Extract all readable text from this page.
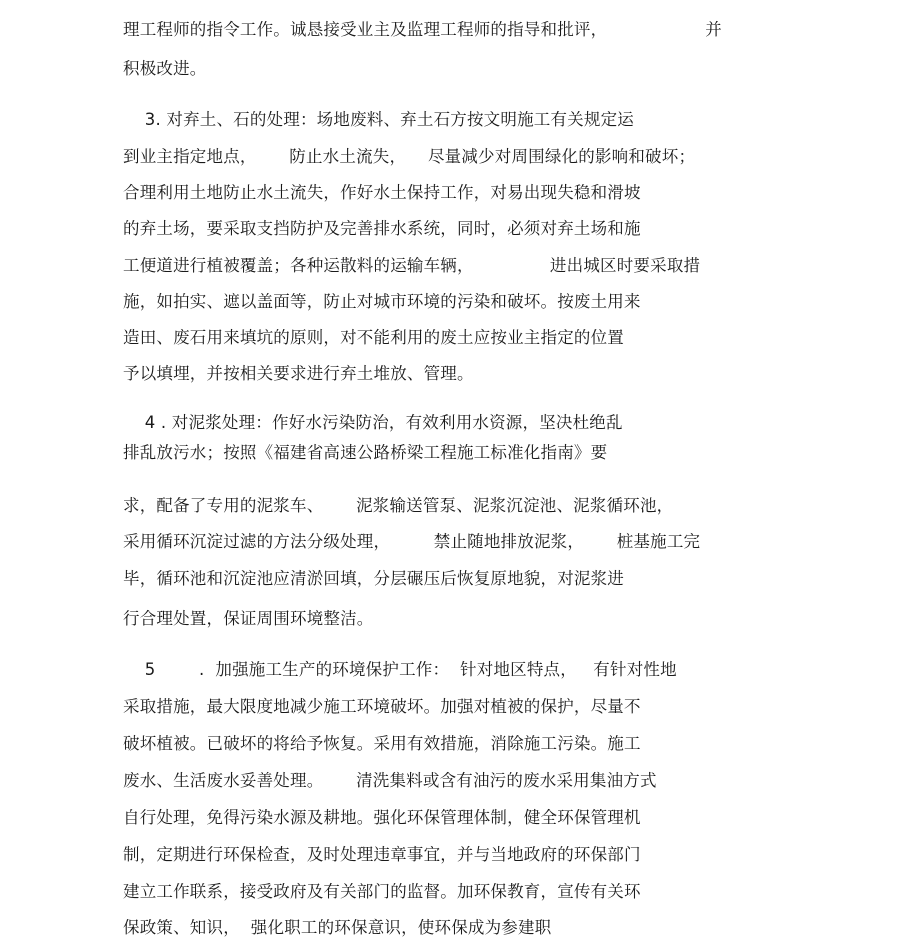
理工程师的指令工作。诚恳接受业主及监理工程师的指导和批评，                  并
积极改进。
3. 对弃土、石的处理：场地废料、弃土石方按文明施工有关规定运
到业主指定地点，      防止水土流失，    尽量减少对周围绿化的影响和破坏；
合理利用土地防止水土流失，作好水土保持工作，对易出现失稳和滑坡
的弃土场，要采取支挡防护及完善排水系统，同时，必须对弃土场和施
工便道进行植被覆盖；各种运散料的运输车辆，              进出城区时要采取措
施，如拍实、遮以盖面等，防止对城市环境的污染和破坏。按废土用来
造田、废石用来填坑的原则，对不能利用的废土应按业主指定的位置
予以填埋，并按相关要求进行弃土堆放、管理。
4 . 对泥浆处理：作好水污染防治，有效利用水资源，坚决杜绝乱
排乱放污水；按照《福建省高速公路桥梁工程施工标准化指南》要
求，配备了专用的泥浆车、      泥浆输送管泵、泥浆沉淀池、泥浆循环池，
采用循环沉淀过滤的方法分级处理，        禁止随地排放泥浆，      桩基施工完
毕，循环池和沉淀池应清淤回填，分层碾压后恢复原地貌，对泥浆进
行合理处置，保证周围环境整洁。
5        .  加强施工生产的环境保护工作：  针对地区特点，   有针对性地
采取措施，最大限度地减少施工环境破坏。加强对植被的保护，尽量不
破坏植被。已破坏的将给予恢复。采用有效措施，消除施工污染。施工
废水、生活废水妥善处理。      清洗集料或含有油污的废水采用集油方式
自行处理，免得污染水源及耕地。强化环保管理体制，健全环保管理机
制，定期进行环保检查，及时处理违章事宜，并与当地政府的环保部门
建立工作联系，接受政府及有关部门的监督。加环保教育，宣传有关环
保政策、知识，  强化职工的环保意识，使环保成为参建职
